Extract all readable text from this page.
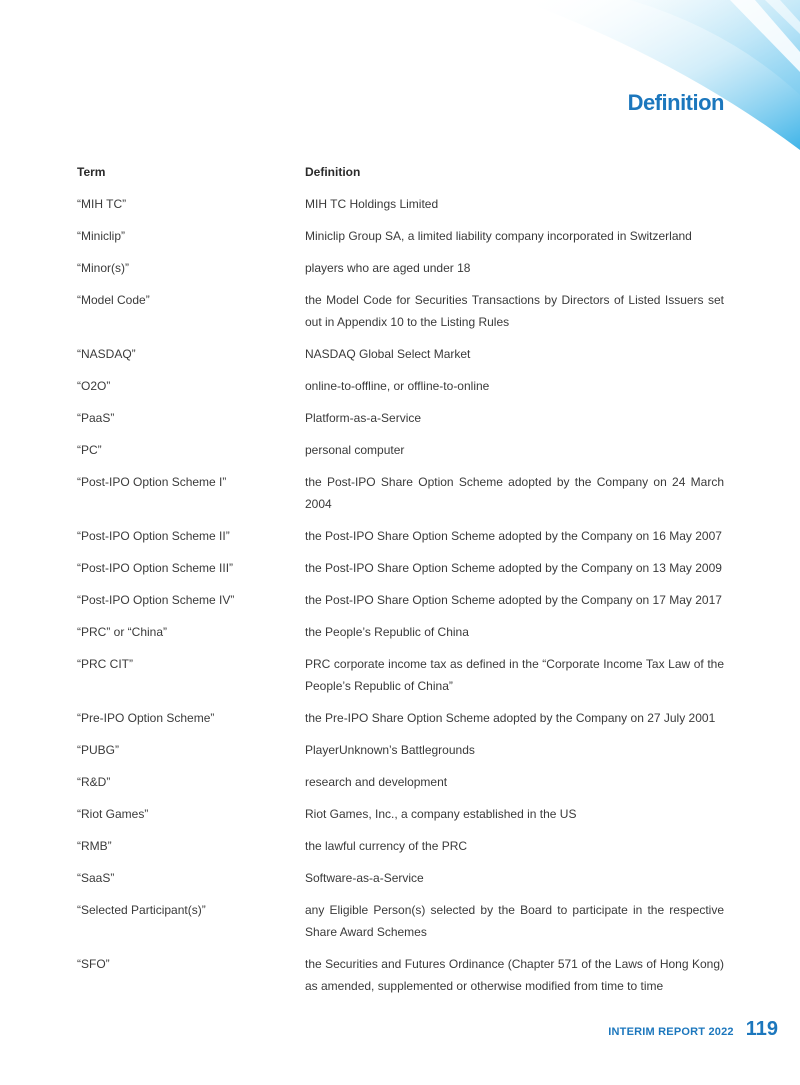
Definition
Term	Definition
“MIH TC”	MIH TC Holdings Limited
“Miniclip”	Miniclip Group SA, a limited liability company incorporated in Switzerland
“Minor(s)”	players who are aged under 18
“Model Code”	the Model Code for Securities Transactions by Directors of Listed Issuers set out in Appendix 10 to the Listing Rules
“NASDAQ”	NASDAQ Global Select Market
“O2O”	online-to-offline, or offline-to-online
“PaaS”	Platform-as-a-Service
“PC”	personal computer
“Post-IPO Option Scheme I”	the Post-IPO Share Option Scheme adopted by the Company on 24 March 2004
“Post-IPO Option Scheme II”	the Post-IPO Share Option Scheme adopted by the Company on 16 May 2007
“Post-IPO Option Scheme III”	the Post-IPO Share Option Scheme adopted by the Company on 13 May 2009
“Post-IPO Option Scheme IV”	the Post-IPO Share Option Scheme adopted by the Company on 17 May 2017
“PRC” or “China”	the People’s Republic of China
“PRC CIT”	PRC corporate income tax as defined in the “Corporate Income Tax Law of the People’s Republic of China”
“Pre-IPO Option Scheme”	the Pre-IPO Share Option Scheme adopted by the Company on 27 July 2001
“PUBG”	PlayerUnknown’s Battlegrounds
“R&D”	research and development
“Riot Games”	Riot Games, Inc., a company established in the US
“RMB”	the lawful currency of the PRC
“SaaS”	Software-as-a-Service
“Selected Participant(s)”	any Eligible Person(s) selected by the Board to participate in the respective Share Award Schemes
“SFO”	the Securities and Futures Ordinance (Chapter 571 of the Laws of Hong Kong) as amended, supplemented or otherwise modified from time to time
INTERIM REPORT 2022 119
